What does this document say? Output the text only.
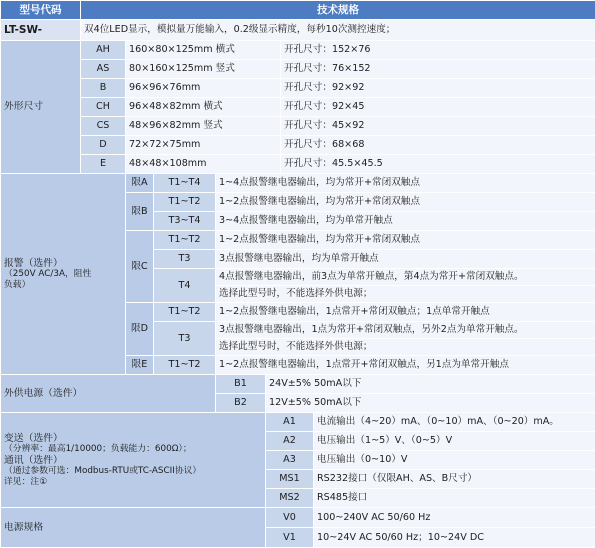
型号代码	技术规格						
LT-SW-	双4位LED显示，模拟量万能输入，0.2级显示精度，每秒10次测控速度；						
外形尺寸	AH	160×80×125mm 横式				开孔尺寸：152×76	
	AS	80×160×125mm 竖式				开孔尺寸：76×152	
	B	96×96×76mm				开孔尺寸：92×92	
	CH	96×48×82mm 横式				开孔尺寸：92×45	
	CS	48×96×82mm 竖式				开孔尺寸：45×92	
	D	72×72×75mm				开孔尺寸：68×68	
	E	48×48×108mm				开孔尺寸：45.5×45.5	

报警（选件）
（250V AC/3A，阻性
负载）		限A	T1~T4	1~4点报警继电器输出，均为常开+常闭双触点			
		限B	T1~T2	1~2点报警继电器输出，均为常开+常闭双触点			
			T3~T4	3~4点报警继电器输出，均为单常开触点			
		限C	T1~T2	1~2点报警继电器输出，均为常开+常闭双触点			
			T3	3点报警继电器输出，均为单常开触点			
			T4	4点报警继电器输出，前3点为单常开触点，第4点为常开+常闭双触点。			
				选择此型号时，不能选择外供电源；			
		限D	T1~T2	1~2点报警继电器输出，1点常开+常闭双触点；1点单常开触点			
			T3	3点报警继电器输出，1点为常开+常闭双触点，另外2点为单常开触点。			
				选择此型号时，不能选择外供电源；			
		限E	T1~T2	1~2点报警继电器输出，1点常开+常闭双触点，另1点为单常开触点			
外供电源（选件）				B1	24V±5% 50mA以下		
				B2	12V±5% 50mA以下		

变送（选件）
（分辨率：最高1/10000；负载能力：600Ω）；
通讯（选件）
（通过参数可选：Modbus-RTU或TC-ASCII协议）
详见：注①					A1		电流输出（4~20）mA、（0~10）mA、（0~20）mA。
					A2		电压输出（1~5）V、（0~5）V
					A3		电压输出（0~10）V
					MS1		RS232接口（仅限AH、AS、B尺寸）
					MS2		RS485接口
电源规格					V0		100~240V AC 50/60 Hz
					V1		10~24V AC 50/60 Hz；10~24V DC
